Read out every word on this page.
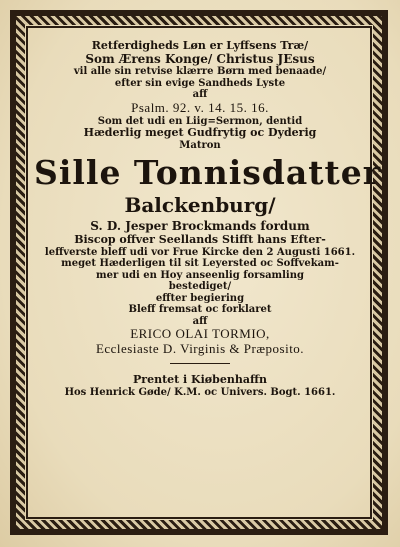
Retferdigheds Løn er Lyffsens Træ/
Som Ærens Konge/ Christus JEsus
vil alle sin retvise klærre Børn med benaade/
efter sin evige Sandheds Lyste
aff
Psalm. 92. v. 14. 15. 16.
Som det udi en Liig=Sermon, dentid
Hæderlig meget Gudfrytig oc Dyderig
Matron
Sille Tonnisdatter
Balckenburg/
S. D. Jesper Brockmands fordum
Biscop offver Seellands Stifft hans Efter-
leffverste bleff udi vor Frue Kircke den 2 Augusti 1661.
meget Hæderligen til sit Leyersted oc Soffvekam-
mer udi en Hoy anseenlig forsamling
bestediget/
effter begiering
Bleff fremsat oc forklaret
aff
ERICO OLAI TORMIO,
Ecclesiaste D. Virginis & Præposito.
Prentet i Kiøbenhaffn
Hos Henrick Gøde/ K.M. oc Univers. Bogt. 1661.
